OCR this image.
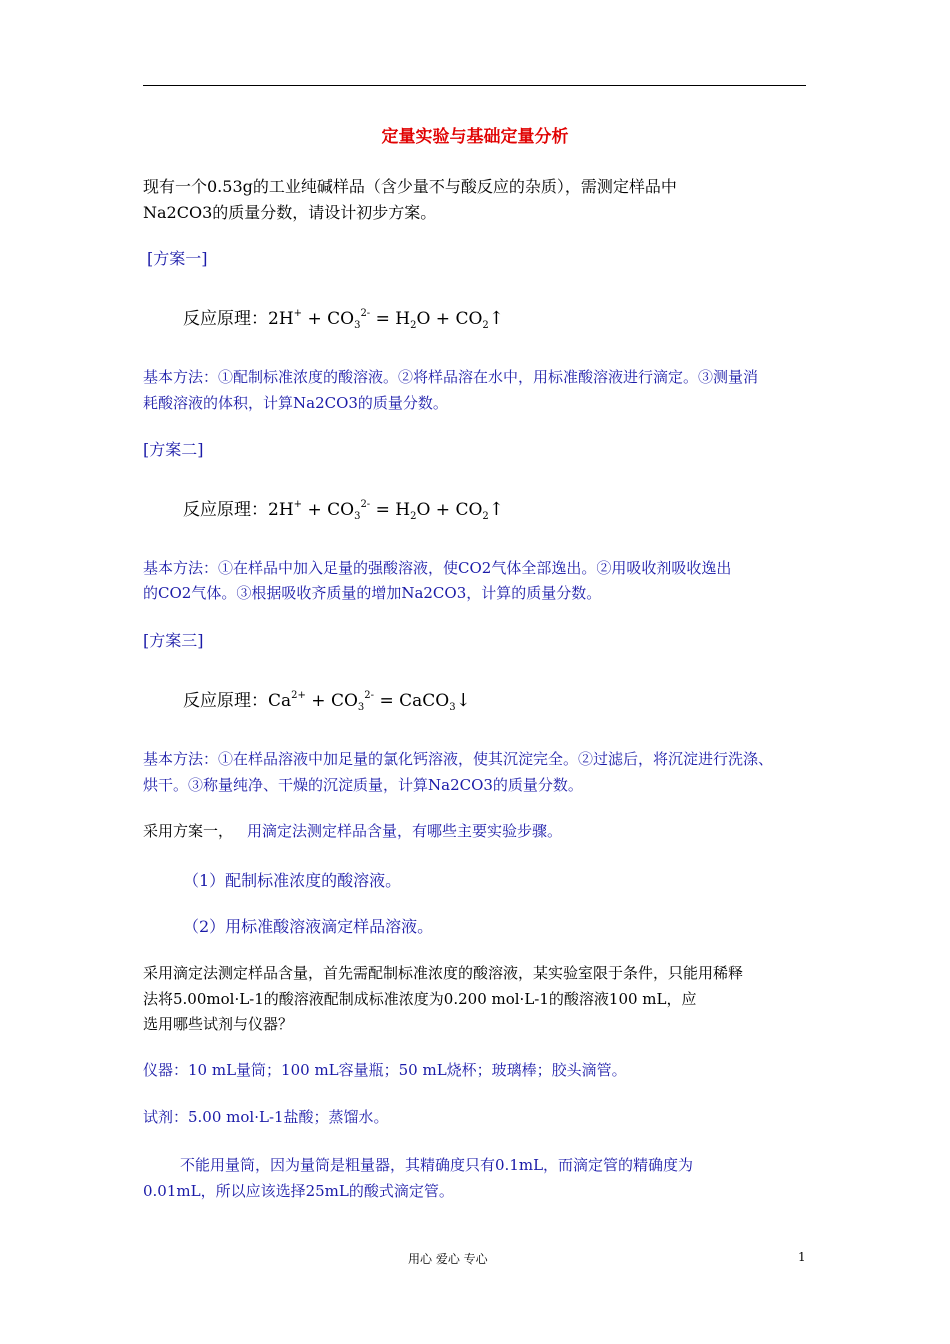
定量实验与基础定量分析
现有一个0.53g的工业纯碱样品（含少量不与酸反应的杂质），需测定样品中
Na2CO3的质量分数，请设计初步方案。
[方案一]
反应原理：$2H^+ + CO_3^{2-} = H_2O$ + $CO_2↑$
基本方法：①配制标准浓度的酸溶液。②将样品溶在水中，用标准酸溶液进行滴定。③测量消
耗酸溶液的体积，计算Na2CO3的质量分数。
[方案二]
反应原理：$2H^+ + CO_3^{2-} = H_2O$ + $CO_2↑$
基本方法：①在样品中加入足量的强酸溶液，使CO2气体全部逸出。②用吸收剂吸收逸出
的CO2气体。③根据吸收齐质量的增加Na2CO3，计算的质量分数。
[方案三]
反应原理：$Ca^{2+} + CO_3^{2-}$ = CaCO$_3$↓
基本方法：①在样品溶液中加足量的氯化钙溶液，使其沉淀完全。②过滤后，将沉淀进行洗涤、
烘干。③称量纯净、干燥的沉淀质量，计算Na2CO3的质量分数。
采用方案一， 用滴定法测定样品含量，有哪些主要实验步骤。
（1）配制标准浓度的酸溶液。
（2）用标准酸溶液滴定样品溶液。
采用滴定法测定样品含量，首先需配制标准浓度的酸溶液，某实验室限于条件，只能用稀释
法将5.00mol·L-1的酸溶液配制成标准浓度为0.200 mol·L-1的酸溶液100 mL，应
选用哪些试剂与仪器？
仪器：10 mL量筒；100 mL容量瓶；50 mL烧杯；玻璃棒；胶头滴管。
试剂：5.00 mol·L-1盐酸；蒸馏水。
不能用量筒，因为量筒是粗量器，其精确度只有0.1mL，而滴定管的精确度为
0.01mL，所以应该选择25mL的酸式滴定管。
用心 爱心 专心	1
